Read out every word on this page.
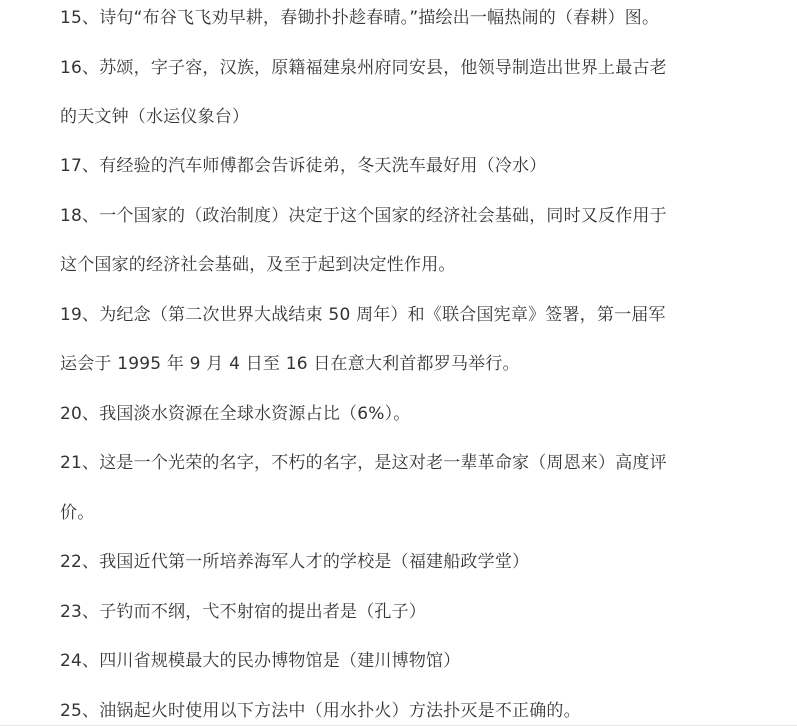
15、诗句“布谷飞飞劝早耕，春锄扑扑趁春晴。”描绘出一幅热闹的（春耕）图。
16、苏颂，字子容，汉族，原籍福建泉州府同安县，他领导制造出世界上最古老
的天文钟（水运仪象台）
17、有经验的汽车师傅都会告诉徒弟，冬天洗车最好用（冷水）
18、一个国家的（政治制度）决定于这个国家的经济社会基础，同时又反作用于
这个国家的经济社会基础，及至于起到决定性作用。
19、为纪念（第二次世界大战结束 50 周年）和《联合国宪章》签署，第一届军
运会于 1995 年 9 月 4 日至 16 日在意大利首都罗马举行。
20、我国淡水资源在全球水资源占比（6%）。
21、这是一个光荣的名字，不朽的名字，是这对老一辈革命家（周恩来）高度评
价。
22、我国近代第一所培养海军人才的学校是（福建船政学堂）
23、子钓而不纲，弋不射宿的提出者是（孔子）
24、四川省规模最大的民办博物馆是（建川博物馆）
25、油锅起火时使用以下方法中（用水扑火）方法扑灭是不正确的。
